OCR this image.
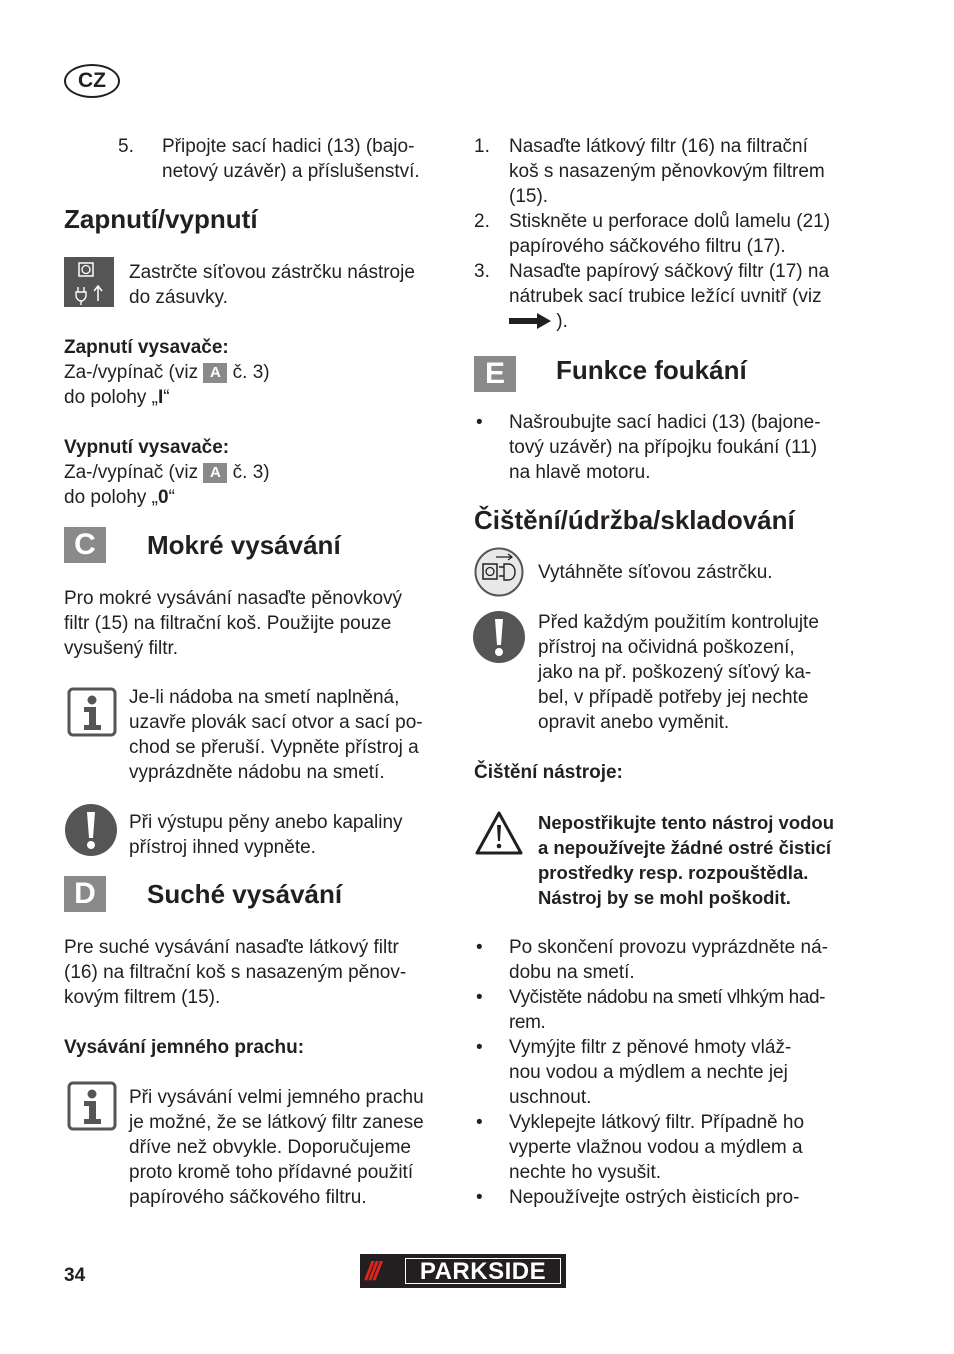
CZ
5. Připojte sací hadici (13) (bajo-
netový uzávěr) a příslušenství.
Zapnutí/vypnutí
Zastrčte síťovou zástrčku nástroje
do zásuvky.
Zapnutí vysavače:
Za-/vypínač (viz A č. 3)
do polohy „I“
Vypnutí vysavače:
Za-/vypínač (viz A č. 3)
do polohy „0“
C	Mokré vysávání
Pro mokré vysávání nasaďte pěnovkový
filtr (15) na filtrační koš. Použijte pouze
vysušený filtr.
Je-li nádoba na smetí naplněná,
uzavře plovák sací otvor a sací po-
chod se přeruší. Vypněte přístroj a
vyprázdněte nádobu na smetí.
Při výstupu pěny anebo kapaliny
přístroj ihned vypněte.
D	Suché vysávání
Pre suché vysávání nasaďte látkový filtr
(16) na filtrační koš s nasazeným pěnov-
kovým filtrem (15).
Vysávání jemného prachu:
Při vysávání velmi jemného prachu
je možné, že se látkový filtr zanese
dříve než obvykle. Doporučujeme
proto kromě toho přídavné použití
papírového sáčkového filtru.
1. Nasaďte látkový filtr (16) na filtrační
koš s nasazeným pěnovkovým filtrem
(15).
2. Stiskněte u perforace dolů lamelu (21)
papírového sáčkového filtru (17).
3. Nasaďte papírový sáčkový filtr (17) na
nátrubek sací trubice ležící uvnitř (viz
).
E	Funkce foukání
• Našroubujte sací hadici (13) (bajone-
tový uzávěr) na přípojku foukání (11)
na hlavě motoru.
Čištění/údržba/skladování
Vytáhněte síťovou zástrčku.
Před každým použitím kontrolujte
přístroj na očividná poškození,
jako na př. poškozený síťový ka-
bel, v případě potřeby jej nechte
opravit anebo vyměnit.
Čištění nástroje:
Nepostřikujte tento nástroj vodou
a nepoužívejte žádné ostré čisticí
prostředky resp. rozpouštědla.
Nástroj by se mohl poškodit.
• Po skončení provozu vyprázdněte ná-
dobu na smetí.
• Vyčistěte nádobu na smetí vlhkým had-
rem.
• Vymýjte filtr z pěnové hmoty vláž-
nou vodou a mýdlem a nechte jej
uschnout.
• Vyklepejte látkový filtr. Případně ho
vyperte vlažnou vodou a mýdlem a
nechte ho vysušit.
• Nepoužívejte ostrých èisticích pro-
34	///	PARKSIDE
